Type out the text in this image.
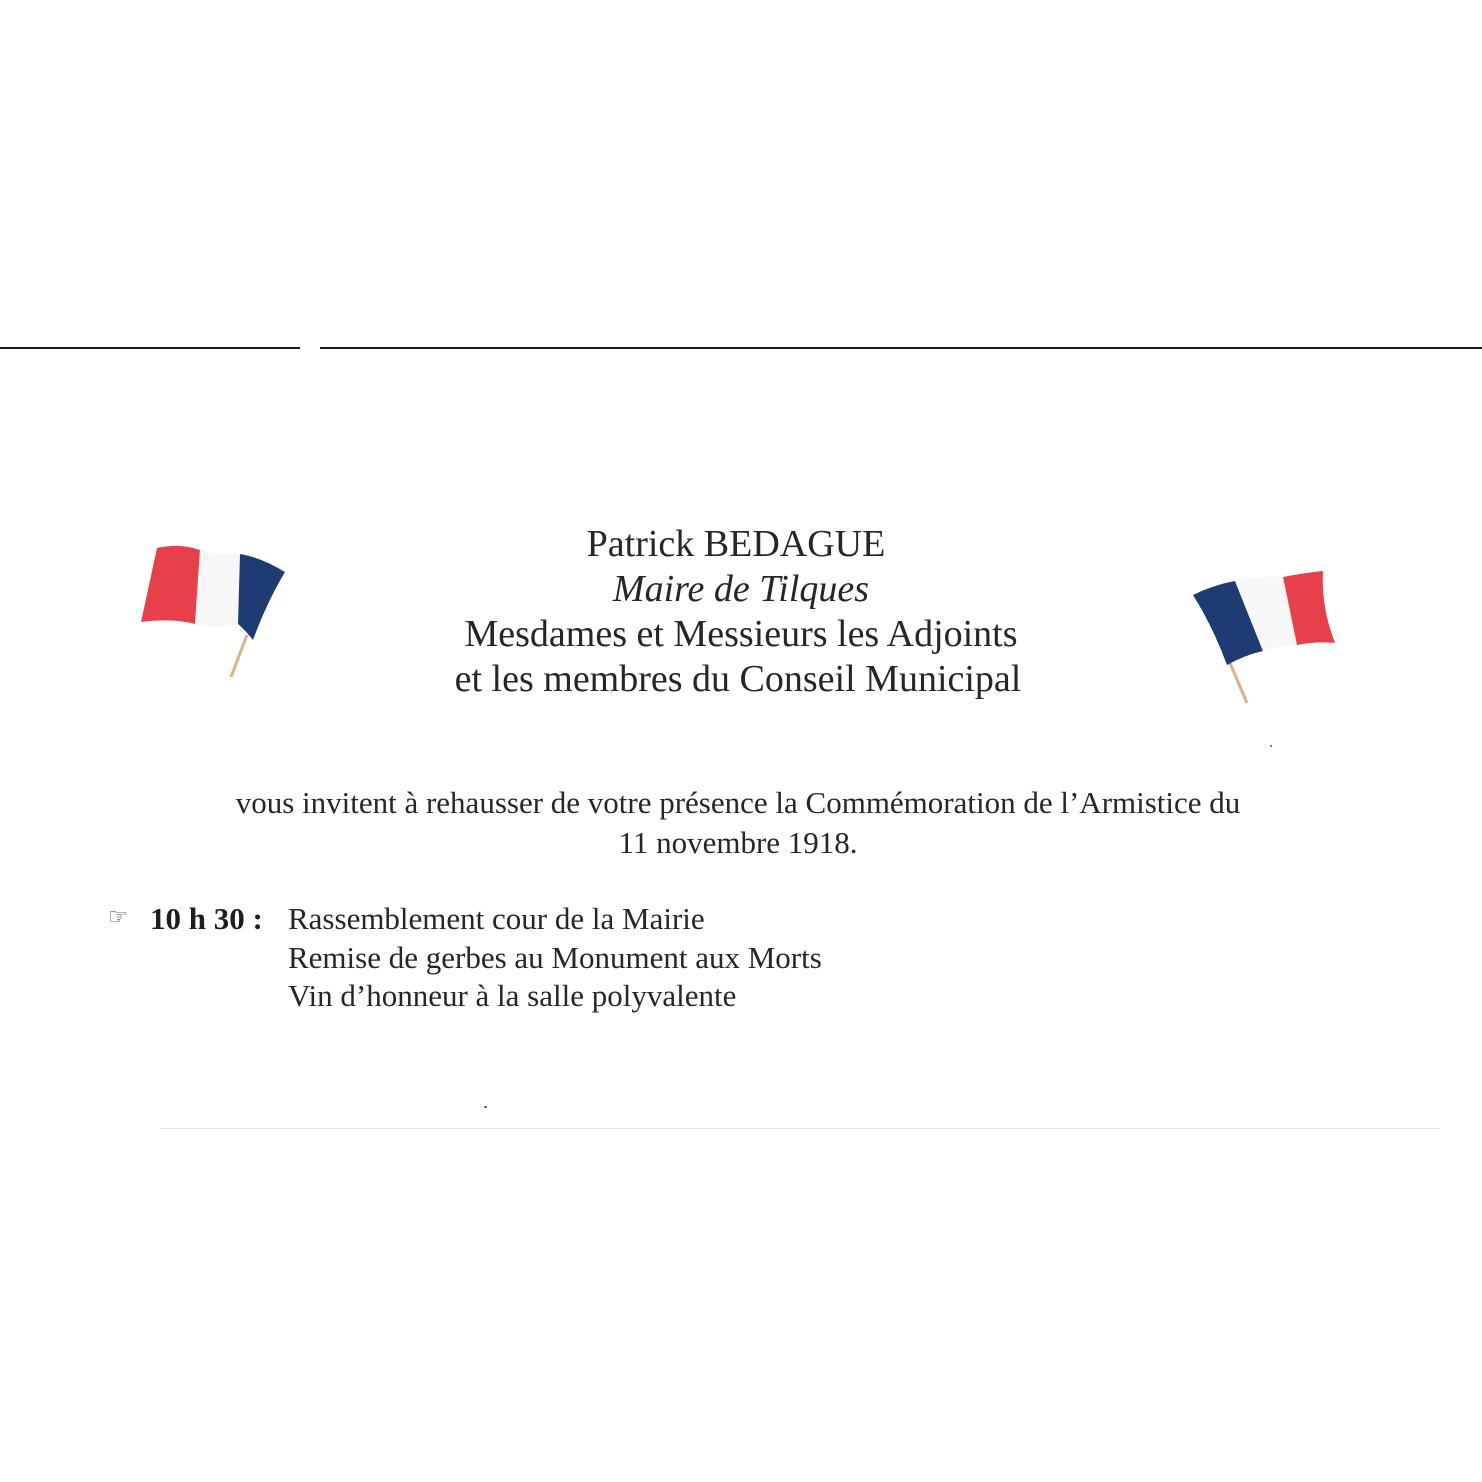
Patrick BEDAGUE
Maire de Tilques
Mesdames et Messieurs les Adjoints
et les membres du Conseil Municipal
vous invitent à rehausser de votre présence la Commémoration de l’Armistice du
11 novembre 1918.
☞ 10 h 30 : Rassemblement cour de la Mairie
Remise de gerbes au Monument aux Morts
Vin d’honneur à la salle polyvalente
